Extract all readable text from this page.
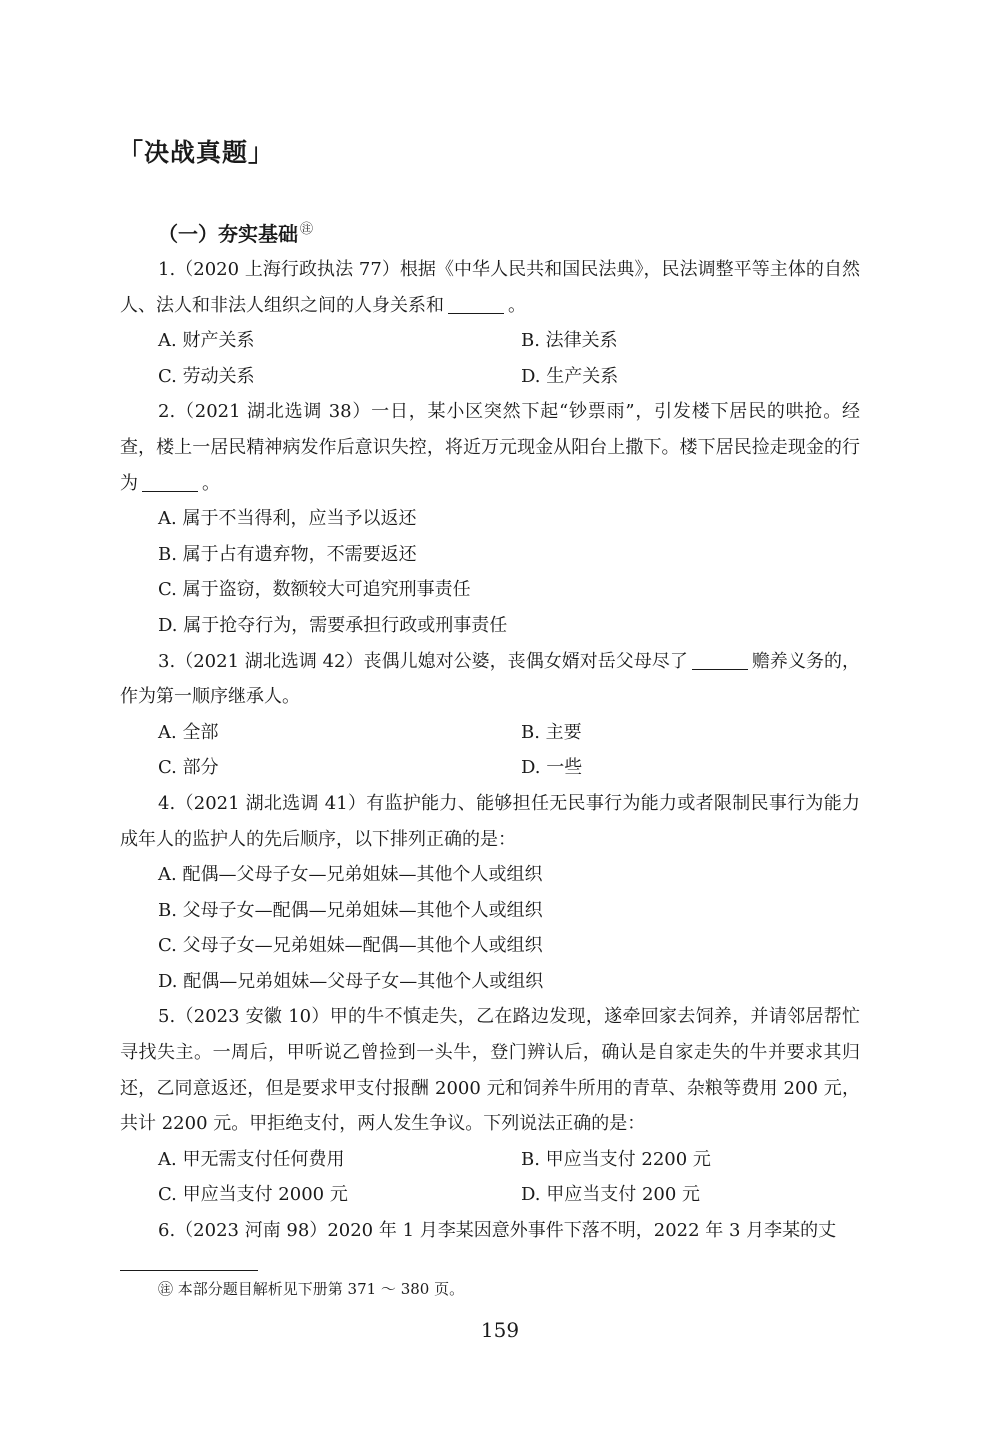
「决战真题」
（一）夯实基础 ㊟

1.（2020 上海行政执法 77）根据《中华人民共和国民法典》，民法调整平等主体的自然人、法人和非法人组织之间的人身关系和	。

A. 财产关系	B. 法律关系

C. 劳动关系	D. 生产关系

2.（2021 湖北选调 38）一日，某小区突然下起“钞票雨”，引发楼下居民的哄抢。经查，楼上一居民精神病发作后意识失控，将近万元现金从阳台上撒下。楼下居民捡走现金的行为	。

A. 属于不当得利，应当予以返还

B. 属于占有遗弃物，不需要返还

C. 属于盗窃，数额较大可追究刑事责任

D. 属于抢夺行为，需要承担行政或刑事责任

3.（2021 湖北选调 42）丧偶儿媳对公婆，丧偶女婿对岳父母尽了	赡养义务的，作为第一顺序继承人。

A. 全部	B. 主要

C. 部分	D. 一些

4.（2021 湖北选调 41）有监护能力、能够担任无民事行为能力或者限制民事行为能力成年人的监护人的先后顺序，以下排列正确的是：

A. 配偶—父母子女—兄弟姐妹—其他个人或组织

B. 父母子女—配偶—兄弟姐妹—其他个人或组织

C. 父母子女—兄弟姐妹—配偶—其他个人或组织

D. 配偶—兄弟姐妹—父母子女—其他个人或组织

5.（2023 安徽 10）甲的牛不慎走失，乙在路边发现，遂牵回家去饲养，并请邻居帮忙寻找失主。一周后，甲听说乙曾捡到一头牛，登门辨认后，确认是自家走失的牛并要求其归还，乙同意返还，但是要求甲支付报酬 2000 元和饲养牛所用的青草、杂粮等费用 200 元，共计 2200 元。甲拒绝支付，两人发生争议。下列说法正确的是：

A. 甲无需支付任何费用	B. 甲应当支付 2200 元

C. 甲应当支付 2000 元	D. 甲应当支付 200 元

6.（2023 河南 98）2020 年 1 月李某因意外事件下落不明，2022 年 3 月李某的丈

㊟ 本部分题目解析见下册第 371 ～ 380 页。
159
